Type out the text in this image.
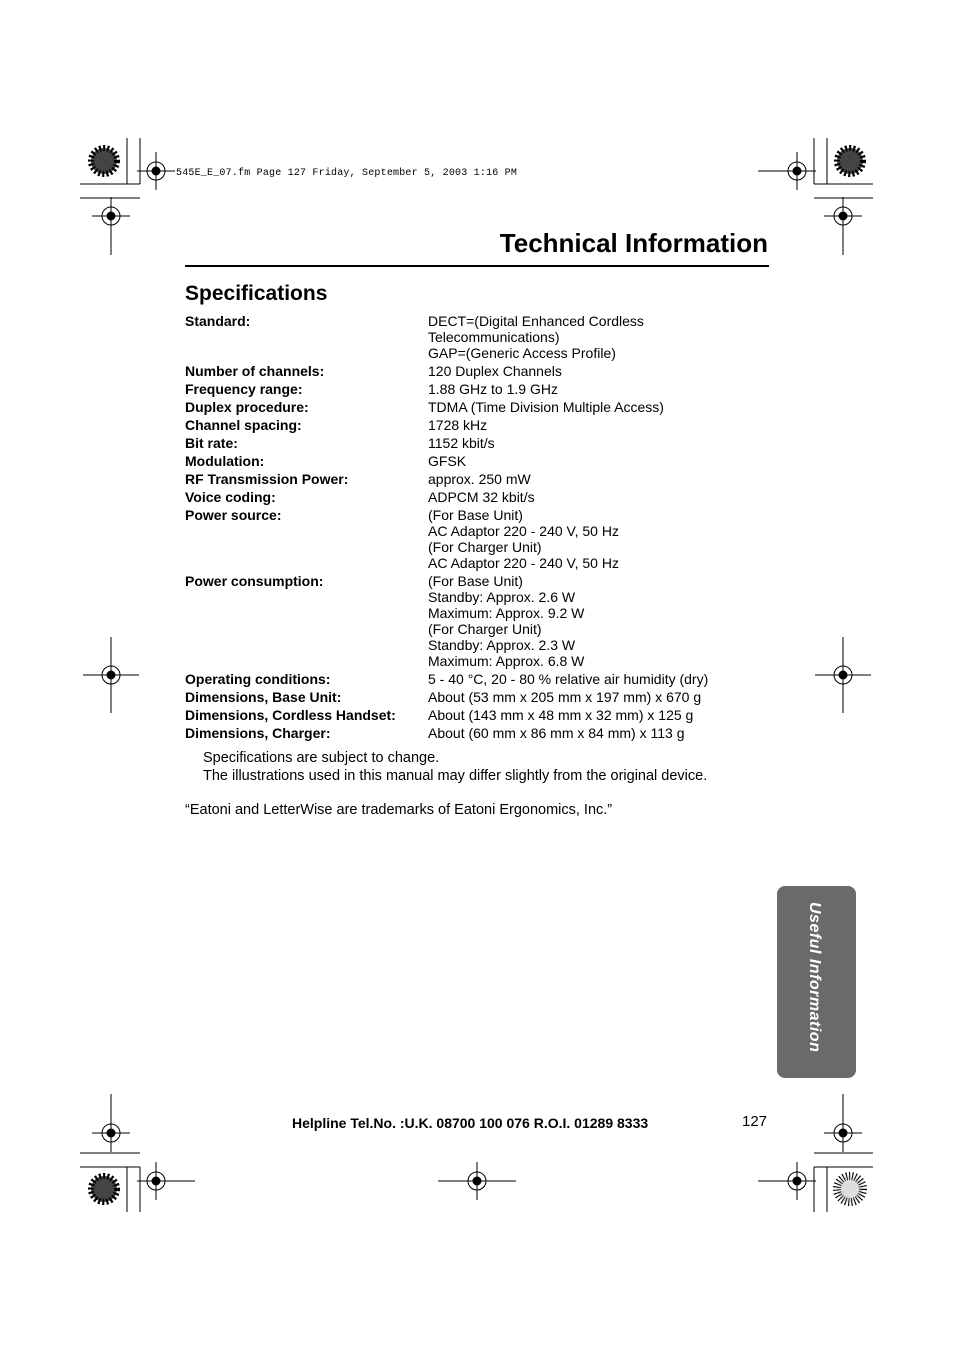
545E_E_07.fm Page 127 Friday, September 5, 2003 1:16 PM
Technical Information
Specifications
Standard:	DECT=(Digital Enhanced Cordless
Telecommunications)
GAP=(Generic Access Profile)
Number of channels:	120 Duplex Channels
Frequency range:	1.88 GHz to 1.9 GHz
Duplex procedure:	TDMA (Time Division Multiple Access)
Channel spacing:	1728 kHz
Bit rate:	1152 kbit/s
Modulation:	GFSK
RF Transmission Power:	approx. 250 mW
Voice coding:	ADPCM 32 kbit/s
Power source:	(For Base Unit)
AC Adaptor 220 - 240 V, 50 Hz
(For Charger Unit)
AC Adaptor 220 - 240 V, 50 Hz
Power consumption:	(For Base Unit)
Standby: Approx. 2.6 W
Maximum: Approx. 9.2 W
(For Charger Unit)
Standby: Approx. 2.3 W
Maximum: Approx. 6.8 W
Operating conditions:	5 - 40 °C, 20 - 80 % relative air humidity (dry)
Dimensions, Base Unit:	About (53 mm x 205 mm x 197 mm) x 670 g
Dimensions, Cordless Handset:	About (143 mm x 48 mm x 32 mm) x 125 g
Dimensions, Charger:	About (60 mm x 86 mm x 84 mm) x 113 g
Specifications are subject to change.
The illustrations used in this manual may differ slightly from the original device.
“Eatoni and LetterWise are trademarks of Eatoni Ergonomics, Inc.”
Useful Information
Helpline Tel.No. :U.K. 08700 100 076 R.O.I. 01289 8333	127
